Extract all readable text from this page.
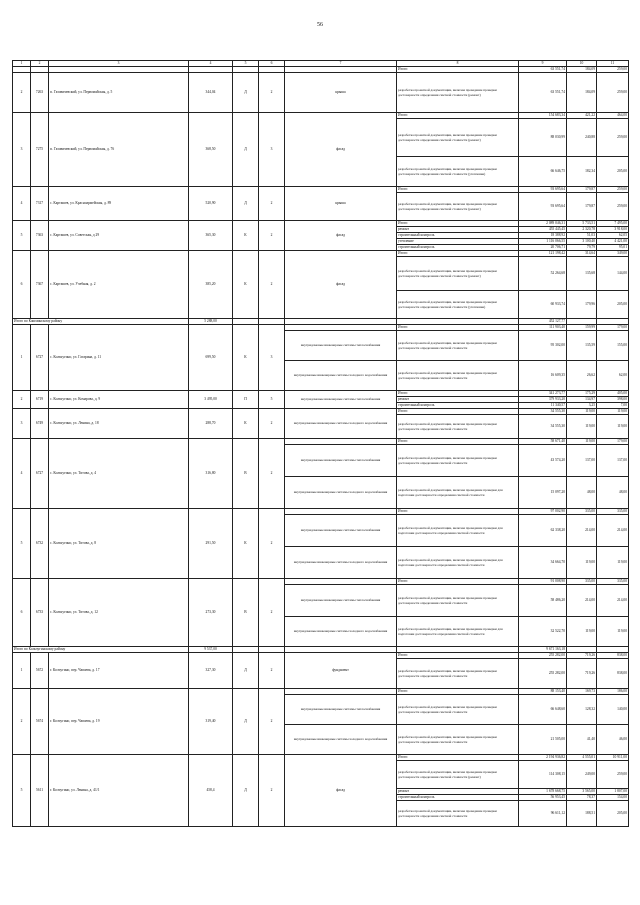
56
1	2	3	4	5	6	7	8	9	10	11
							Итого:	63 551,74	184,09	259,00
2	7263	п. Газовичевский, ул. Первомайская, д. 5	344,04	Д	2	крыша	разработка проектной документации, включая проведение проверки достоверности определения сметной стоимости (ремонт)	63 551,74	184,09	259,00
3	7275	п. Газовичевский, ул. Первомайская, д. 76	368,50	Д	3	фасад	Итого:	154 683,34	421,22	464,00
							разработка проектной документации, включая проведение проверки достоверности определения сметной стоимости (ремонт)	88 030,99	240,88	259,00
							разработка проектной документации, включая проведение проверки достоверности определения сметной стоимости (утепление)	66 646,75	182,34	205,00
4	7317	с. Карташев, ул. Красноармейская, д. 89	520,90	Д	2	крыша	Итого:	93 695,64	179,87	259,00
							разработка проектной документации, включая проведение проверки достоверности определения сметной стоимости (ремонт)	93 695,64	179,87	259,00
5	7363	с. Карташев, ул. Советская, д 29	365,30	К	2	фасад	Итого:	2 089 046,31	5 733,51	7 495,00
							ремонт	455 445,45	2 320,78	3 918,00
							строительный контроль	18 388,92	51,03	62,05
							утепление	1 116 066,55	3 100,40	4 421,00
							строительный контроль	20 706,71	79,79	95,01
6	7367	с. Карташев, ул. Учебная, д. 2	385,20	К	2	фасад	Итого:	121 198,42	314,64	349,00
							разработка проектной документации, включая проведение проверки достоверности определения сметной стоимости (ремонт)	52 264,68	135,68	144,00
							разработка проектной документации, включая проведение проверки достоверности определения сметной стоимости (утепление)	60 933,74	179,96	205,00
Итого по Кашминскому району			5 288,00					452 127,77		
1	6727	с. Кольчугино, ул. Гагарина, д. 11	699,50	К	3		Итого:	111 903,40	159,99	179,00
						внутридомовые инженерные системы теплоснабжения	разработка проектной документации, включая проведение проверки достоверности определения сметной стоимости	95 302,00	135,59	155,00
						внутридомовые инженерные системы холодного водоснабжения	разработка проектной документации, включая проведение проверки достоверности определения сметной стоимости	16 609,35	26,62	62,00
2	6719	с. Кольчугино, ул. Комарова, д. 9	3 495,00	П	5	внутридомовые инженерные системы теплоснабжения	Итого:	341 273,77	175,29	405,00
							ремонт	379 933,20	134,97	398,00
							строительный контроль	11 340,57	3,25	7,00
3	6749	с. Кольчугино, ул. Ленина, д. 18	288,70	К	2	внутридомовые инженерные системы холодного водоснабжения	Итого:	34 555,30	119,00	119,00
							разработка проектной документации, включая проведение проверки достоверности определения сметной стоимости	34 555,30	119,00	119,00
4	6727	с. Кольчугино, ул. Титова, д. 4	316,80	В	2		Итого:	58 671,40	119,00	179,00
						внутридомовые инженерные системы теплоснабжения	разработка проектной документации, включая проведение проверки достоверности определения сметной стоимости	43 574,20	137,00	137,00
						внутридомовые инженерные системы холодного водоснабжения	разработка проектной документации, включая проведение проверки для подготовки достоверности определения сметной стоимости	15 097,20	48,00	48,00
5	6732	с. Кольчугино, ул. Титова, д. 8	291,50	К	2		Итого:	97 002,90	335,00	335,00
						внутридомовые инженерные системы теплоснабжения	разработка проектной документации, включая проведение проверки для подготовки достоверности определения сметной стоимости	62 338,20	214,00	214,00
						внутридомовые инженерные системы холодного водоснабжения	разработка проектной документации, включая проведение проверки для подготовки достоверности определения сметной стоимости	34 664,70	119,00	119,00
6	6733	с. Кольчугино, ул. Титова, д. 12	273,30	В	2		Итого:	91 008,90	335,00	335,00
						внутридомовые инженерные системы теплоснабжения	разработка проектной документации, включая проведение проверки достоверности определения сметной стоимости	58 486,20	214,00	214,00
						внутридомовые инженерные системы холодного водоснабжения	разработка проектной документации, включая проведение проверки для подготовки достоверности определения сметной стоимости	32 522,70	119,00	119,00
Итого по Кольчугинскому району			9 537,00					9 671 163,18		
1	5672	г. Колчугино, пер. Чапаева, д. 17	327,30	Д	2	фундамент	Итого:	255 282,00	719,26	838,00
							разработка проектной документации, включая проведение проверки достоверности определения сметной стоимости	255 282,00	719,26	838,00
2	5674	г. Колчугино, пер. Чапаева, д. 19	319,40	Д	2		Итого:	88 153,40	169,73	186,00
						внутридомовые инженерные системы теплоснабжения	разработка проектной документации, включая проведение проверки достоверности определения сметной стоимости	66 648,60	128,32	140,00
						внутридомовые инженерные системы холодного водоснабжения	разработка проектной документации, включая проведение проверки достоверности определения сметной стоимости	21 505,00	41,40	46,00
5	5611	г. Колчугино, ул. Ленина, д. 41/1	458,4	Д	2	фасад	Итого:	2 194 936,82	4 555,01	10 911,00
							разработка проектной документации, включая проведение проверки достоверности определения сметной стоимости (ремонт)	114 308,15	249,00	259,00
							ремонт	1 678 668,75	3 565,00	1 807,00
							строительный контроль	56 953,45	78,37	154,00
							разработка проектной документации, включая проведение проверки достоверности определения сметной стоимости	96 611,12	188,51	205,00
